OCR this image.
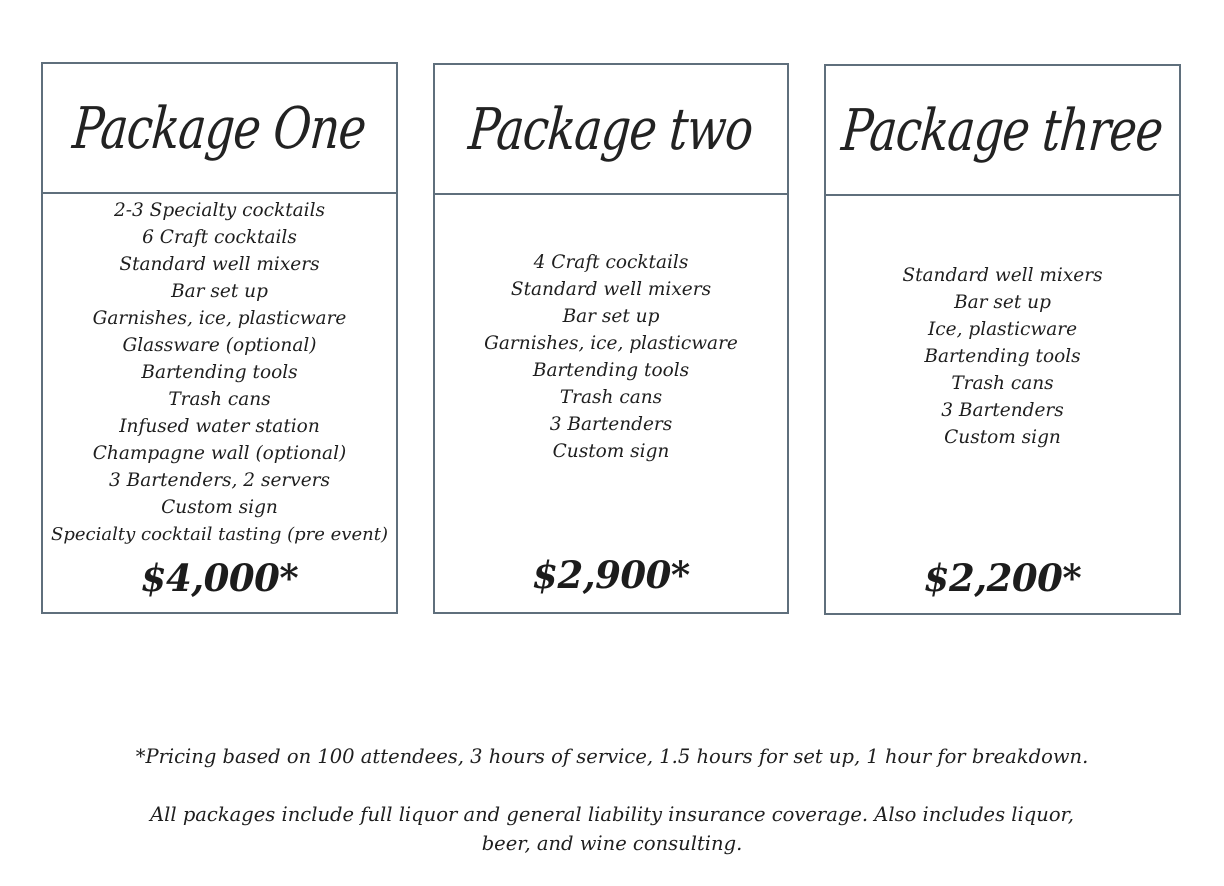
Package One
2-3 Specialty cocktails
6 Craft cocktails
Standard well mixers
Bar set up
Garnishes, ice, plasticware
Glassware (optional)
Bartending tools
Trash cans
Infused water station
Champagne wall (optional)
3 Bartenders, 2 servers
Custom sign
Specialty cocktail tasting (pre event)
$4,000*
Package two
4 Craft cocktails
Standard well mixers
Bar set up
Garnishes, ice, plasticware
Bartending tools
Trash cans
3 Bartenders
Custom sign
$2,900*
Package three
Standard well mixers
Bar set up
Ice, plasticware
Bartending tools
Trash cans
3 Bartenders
Custom sign
$2,200*
*Pricing based on 100 attendees, 3 hours of service, 1.5 hours for set up, 1 hour for breakdown.
All packages include full liquor and general liability insurance coverage. Also includes liquor, beer, and wine consulting.
